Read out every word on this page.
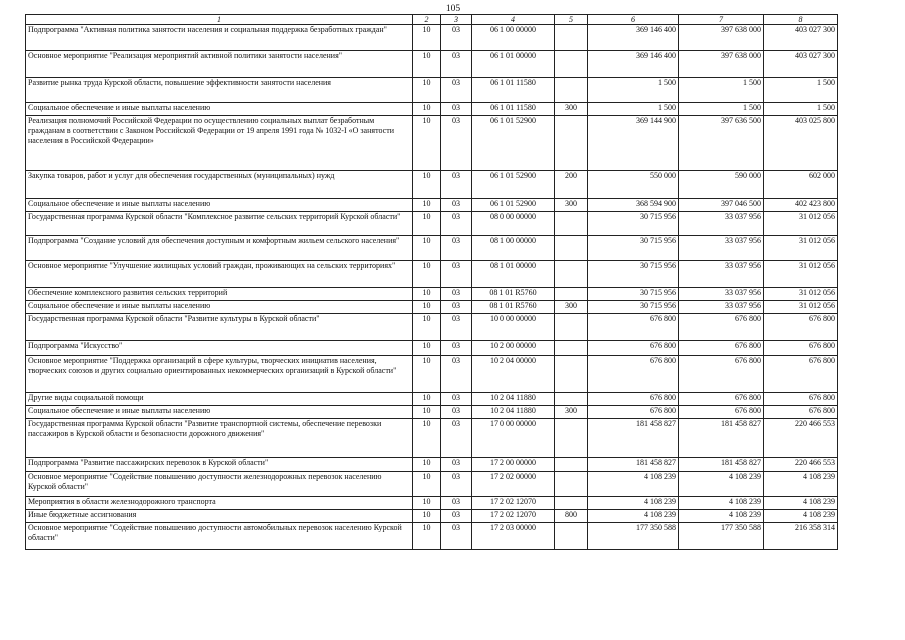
105
1	2	3	4	5	6	7	8
Подпрограмма "Активная политика занятости населения и социальная поддержка безработных граждан"	10	03	06 1 00 00000		369 146 400	397 638 000	403 027 300
Основное мероприятие "Реализация мероприятий активной политики занятости населения"	10	03	06 1 01 00000		369 146 400	397 638 000	403 027 300
Развитие рынка труда Курской области, повышение эффективности занятости населения	10	03	06 1 01 11580		1 500	1 500	1 500
Социальное обеспечение и иные выплаты населению	10	03	06 1 01 11580	300	1 500	1 500	1 500
Реализация полномочий Российской Федерации по осуществлению социальных выплат безработным гражданам в соответствии с Законом Российской Федерации от 19 апреля 1991 года № 1032-I «О занятости населения в Российской Федерации»	10	03	06 1 01 52900		369 144 900	397 636 500	403 025 800
Закупка товаров, работ и услуг для обеспечения государственных (муниципальных) нужд	10	03	06 1 01 52900	200	550 000	590 000	602 000
Социальное обеспечение и иные выплаты населению	10	03	06 1 01 52900	300	368 594 900	397 046 500	402 423 800
Государственная программа Курской области "Комплексное развитие сельских территорий Курской области"	10	03	08 0 00 00000		30 715 956	33 037 956	31 012 056
Подпрограмма "Создание условий для обеспечения доступным и комфортным жильем сельского населения"	10	03	08 1 00 00000		30 715 956	33 037 956	31 012 056
Основное мероприятие "Улучшение жилищных условий граждан, проживающих на сельских территориях"	10	03	08 1 01 00000		30 715 956	33 037 956	31 012 056
Обеспечение комплексного развития сельских территорий	10	03	08 1 01 R5760		30 715 956	33 037 956	31 012 056
Социальное обеспечение и иные выплаты населению	10	03	08 1 01 R5760	300	30 715 956	33 037 956	31 012 056
Государственная программа Курской области "Развитие культуры в Курской области"	10	03	10 0 00 00000		676 800	676 800	676 800
Подпрограмма "Искусство"	10	03	10 2 00 00000		676 800	676 800	676 800
Основное мероприятие "Поддержка организаций в сфере культуры, творческих инициатив населения, творческих союзов и других социально ориентированных некоммерческих организаций в Курской области"	10	03	10 2 04 00000		676 800	676 800	676 800
Другие виды социальной помощи	10	03	10 2 04 11880		676 800	676 800	676 800
Социальное обеспечение и иные выплаты населению	10	03	10 2 04 11880	300	676 800	676 800	676 800
Государственная программа Курской области "Развитие транспортной системы, обеспечение перевозки пассажиров в Курской области и безопасности дорожного движения"	10	03	17 0 00 00000		181 458 827	181 458 827	220 466 553
Подпрограмма "Развитие пассажирских перевозок в Курской области"	10	03	17 2 00 00000		181 458 827	181 458 827	220 466 553
Основное мероприятие "Содействие повышению доступности железнодорожных перевозок населению Курской области"	10	03	17 2 02 00000		4 108 239	4 108 239	4 108 239
Мероприятия в области железнодорожного транспорта	10	03	17 2 02 12070		4 108 239	4 108 239	4 108 239
Иные бюджетные ассигнования	10	03	17 2 02 12070	800	4 108 239	4 108 239	4 108 239
Основное мероприятие "Содействие повышению доступности автомобильных перевозок населению Курской области"	10	03	17 2 03 00000		177 350 588	177 350 588	216 358 314
